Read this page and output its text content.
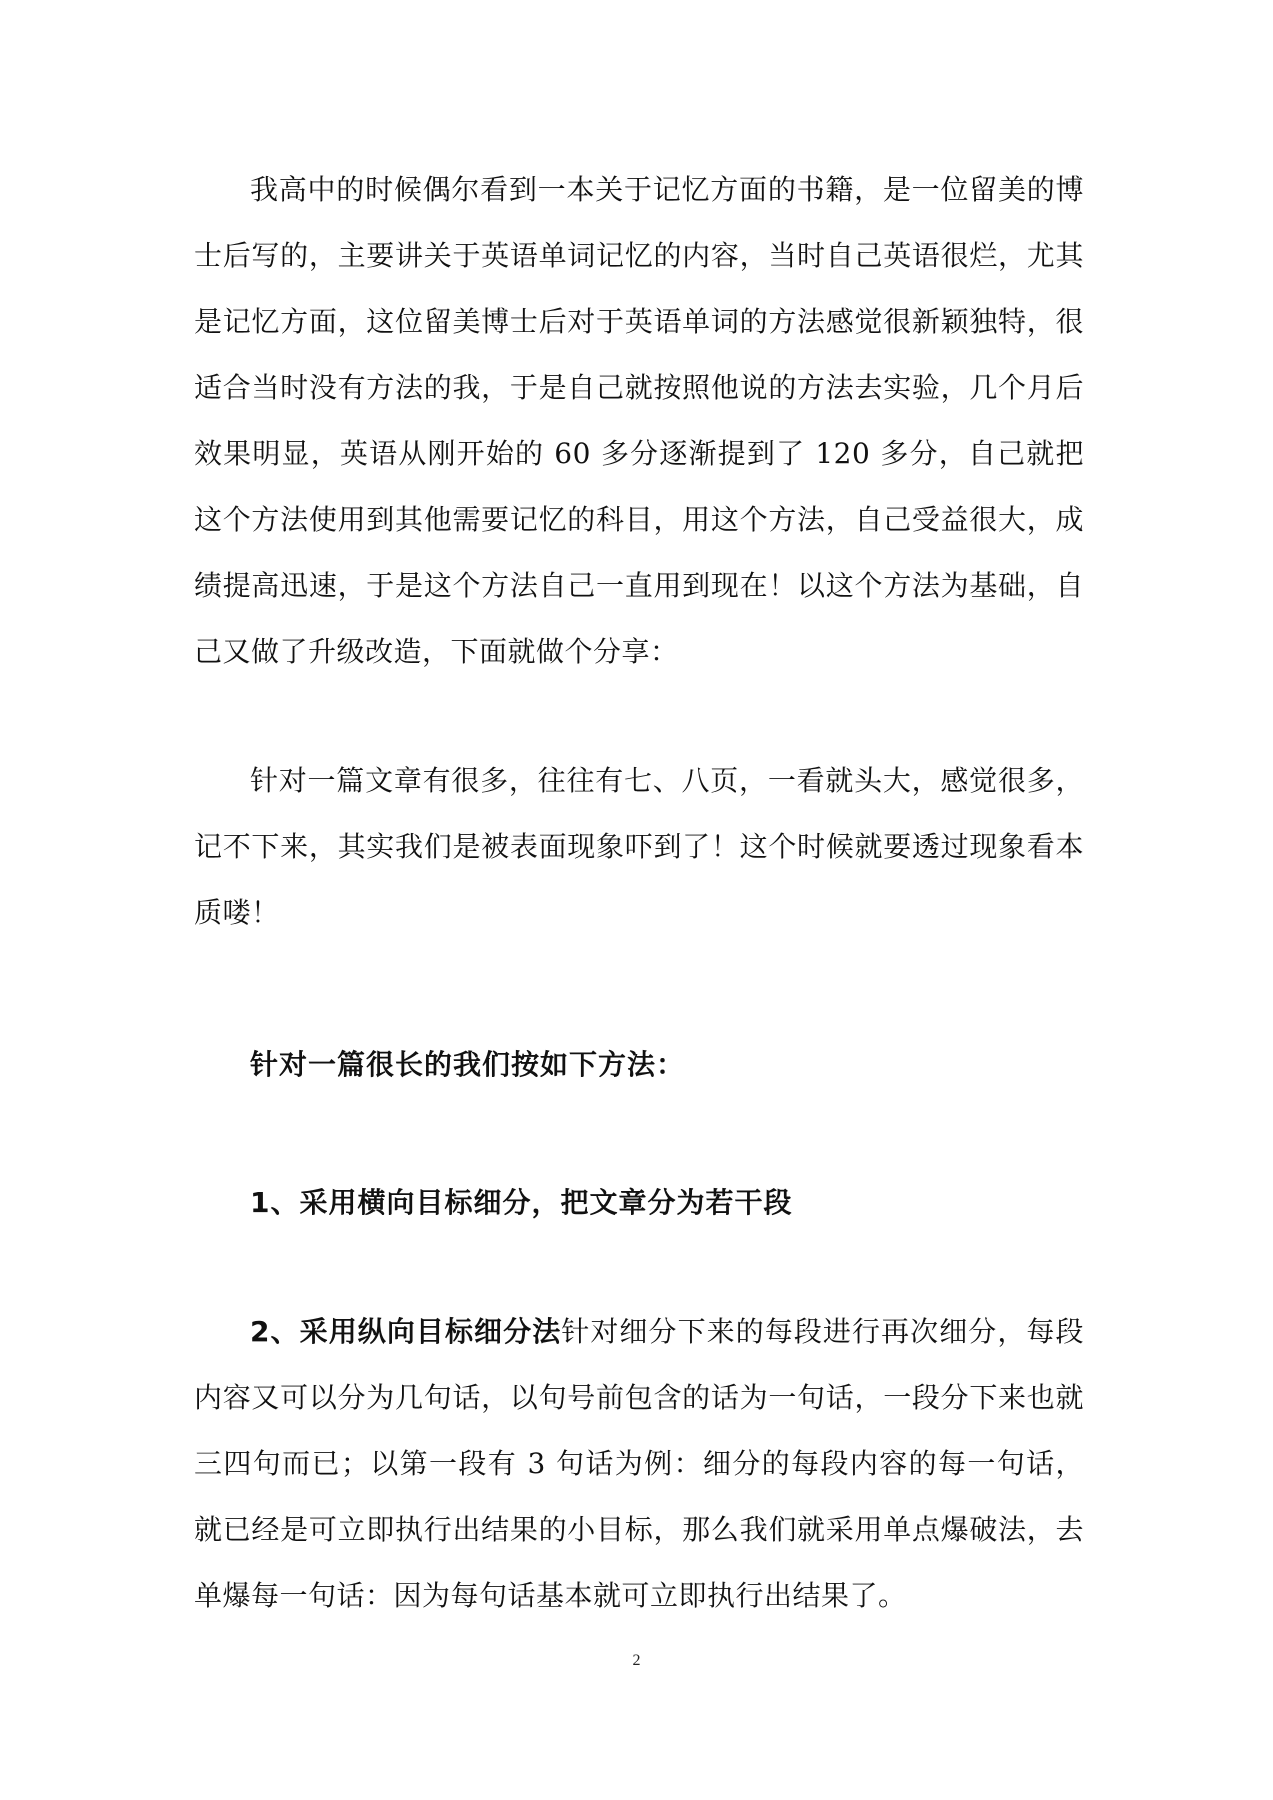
我高中的时候偶尔看到一本关于记忆方面的书籍，是一位留美的博士后写的，主要讲关于英语单词记忆的内容，当时自己英语很烂，尤其是记忆方面，这位留美博士后对于英语单词的方法感觉很新颖独特，很适合当时没有方法的我，于是自己就按照他说的方法去实验，几个月后效果明显，英语从刚开始的 60 多分逐渐提到了 120 多分，自己就把这个方法使用到其他需要记忆的科目，用这个方法，自己受益很大，成绩提高迅速，于是这个方法自己一直用到现在！以这个方法为基础，自己又做了升级改造，下面就做个分享：

针对一篇文章有很多，往往有七、八页，一看就头大，感觉很多，记不下来，其实我们是被表面现象吓到了！这个时候就要透过现象看本质喽！

针对一篇很长的我们按如下方法：

1、采用横向目标细分，把文章分为若干段

2、采用纵向目标细分法针对细分下来的每段进行再次细分，每段内容又可以分为几句话，以句号前包含的话为一句话，一段分下来也就三四句而已；以第一段有 3 句话为例：细分的每段内容的每一句话，就已经是可立即执行出结果的小目标，那么我们就采用单点爆破法，去单爆每一句话：因为每句话基本就可立即执行出结果了。

2
